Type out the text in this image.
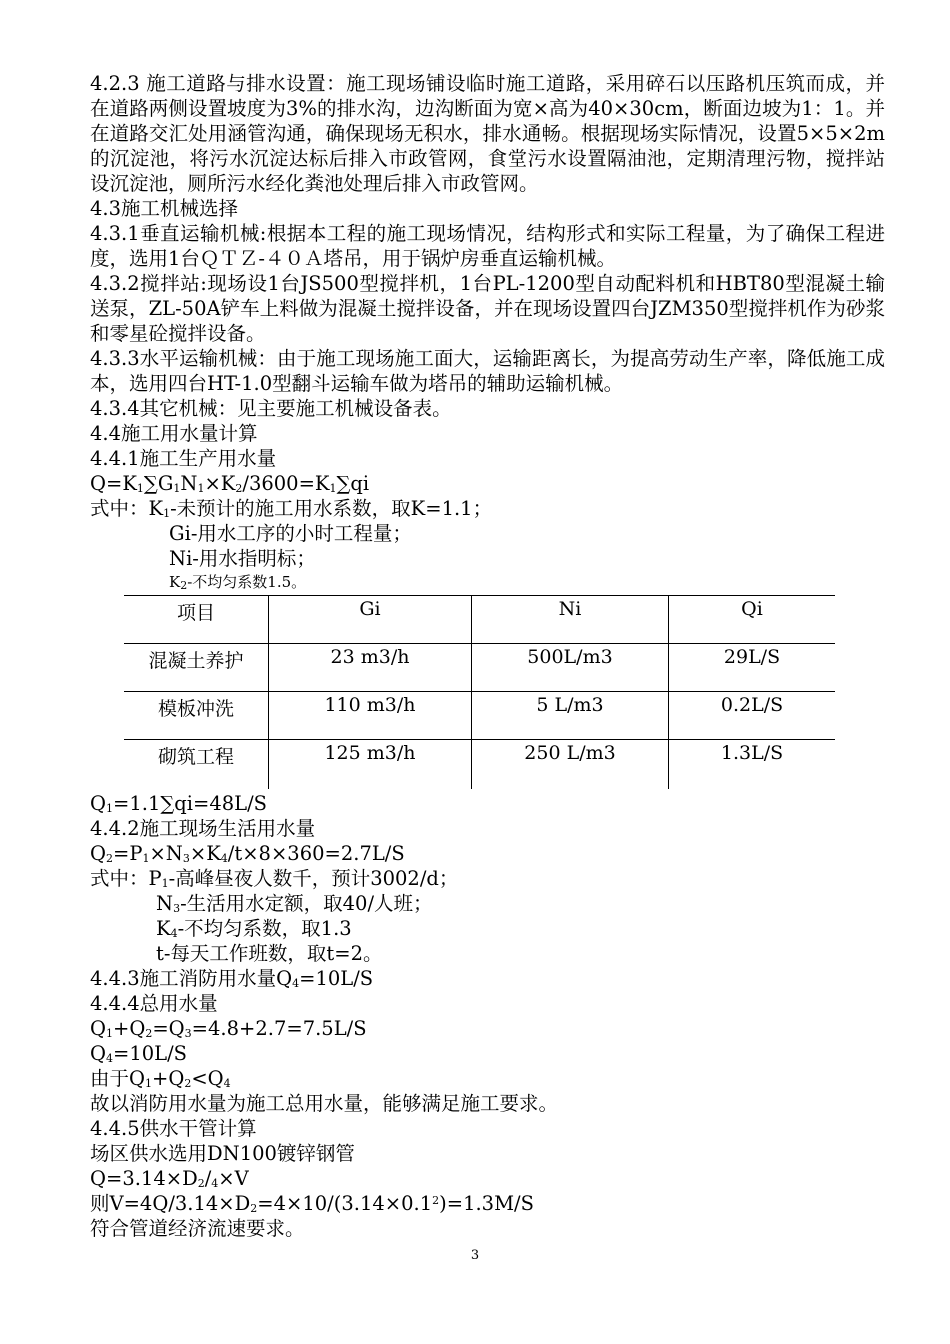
4.2.3 施工道路与排水设置：施工现场铺设临时施工道路，采用碎石以压路机压筑而成，并在道路两侧设置坡度为3%的排水沟，边沟断面为宽×高为40×30cm，断面边坡为1：1。并在道路交汇处用涵管沟通，确保现场无积水，排水通畅。根据现场实际情况，设置5×5×2m的沉淀池，将污水沉淀达标后排入市政管网，食堂污水设置隔油池，定期清理污物，搅拌站设沉淀池，厕所污水经化粪池处理后排入市政管网。
4.3施工机械选择
4.3.1垂直运输机械:根据本工程的施工现场情况，结构形式和实际工程量，为了确保工程进度，选用1台ＱＴＺ-４０Ａ塔吊，用于锅炉房垂直运输机械。
4.3.2搅拌站:现场设1台JS500型搅拌机，1台PL-1200型自动配料机和HBT80型混凝土输送泵，ZL-50A铲车上料做为混凝土搅拌设备，并在现场设置四台JZM350型搅拌机作为砂浆和零星砼搅拌设备。
4.3.3水平运输机械：由于施工现场施工面大，运输距离长，为提高劳动生产率，降低施工成本，选用四台HT-1.0型翻斗运输车做为塔吊的辅助运输机械。
4.3.4其它机械：见主要施工机械设备表。
4.4施工用水量计算
4.4.1施工生产用水量
$Q=K_1\sum G_1N_1\times K_2/3600=K_1\sum qi$
式中：$K_1-$未预计的施工用水系数，取K=1.1；
Gi-用水工序的小时工程量；
Ni-用水指明标；
$K_2-$不均匀系数1.5。
项目	Gi	Ni	Qi
混凝土养护	23 m3/h	500L/m3	29L/S
模板冲洗	110 m3/h	5 L/m3	0.2L/S
砌筑工程	125 m3/h	250 L/m3	1.3L/S
$Q_1=1.1\sum qi=48L/S$
4.4.2施工现场生活用水量
$Q_2=P_1\times N_3\times K_4/t\times 8\times 360=2.7L/S$
式中：$P_1-$高峰昼夜人数千，预计3002/d；
$N_3-$生活用水定额，取40/人班；
$K_4-$不均匀系数，取1.3
t-每天工作班数，取t=2。
4.4.3施工消防用水量$Q_4=10L/S$
4.4.4总用水量
$Q_1+Q_2=Q_3=4.8+2.7=7.5L/S$
$Q_4=10L/S$
由于$Q_1+Q_2<Q_4$
故以消防用水量为施工总用水量，能够满足施工要求。
4.4.5供水干管计算
场区供水选用DN100镀锌钢管
$Q=3.14\times D_2/_4\times V$
则$V=4Q/3.14\times D_2=4\times 10/(3.14\times 0.1^2)=1.3M/S$
符合管道经济流速要求。
3
